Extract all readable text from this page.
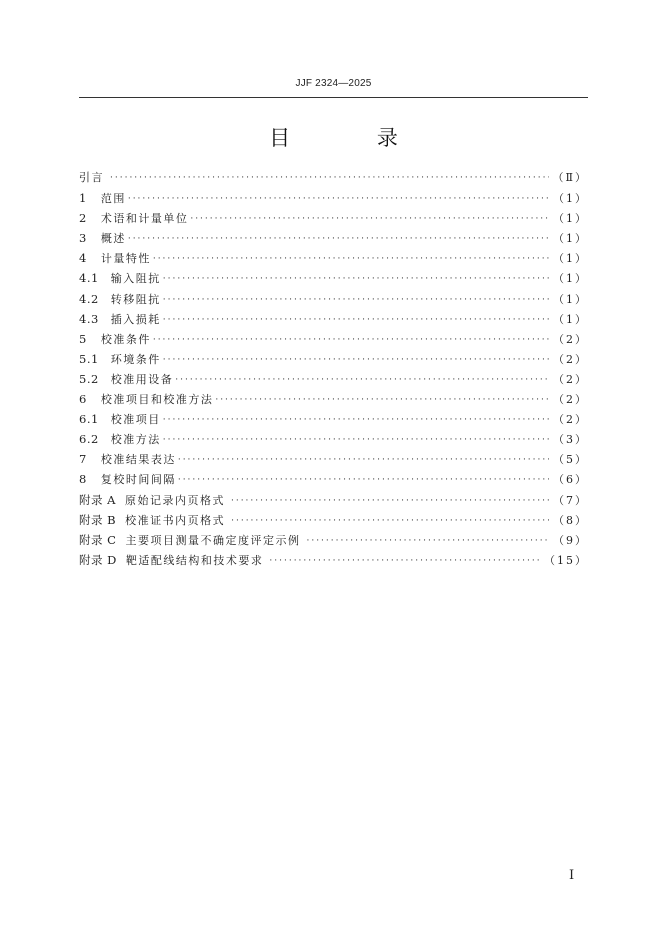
JJF 2324—2025
目 录
引言 ·····	（Ⅱ）
1 范围 ·····	（1）
2 术语和计量单位 ·····	（1）
3 概述 ·····	（1）
4 计量特性 ·····	（1）
4.1 输入阻抗 ·····	（1）
4.2 转移阻抗 ·····	（1）
4.3 插入损耗 ·····	（1）
5 校准条件 ·····	（2）
5.1 环境条件 ·····	（2）
5.2 校准用设备 ·····	（2）
6 校准项目和校准方法 ·····	（2）
6.1 校准项目 ·····	（2）
6.2 校准方法 ·····	（3）
7 校准结果表达 ·····	（5）
8 复校时间间隔 ·····	（6）
附录 A 原始记录内页格式 ·····	（7）
附录 B 校准证书内页格式 ·····	（8）
附录 C 主要项目测量不确定度评定示例 ·····	（9）
附录 D 靶适配线结构和技术要求 ·····	（15）
Ⅰ
